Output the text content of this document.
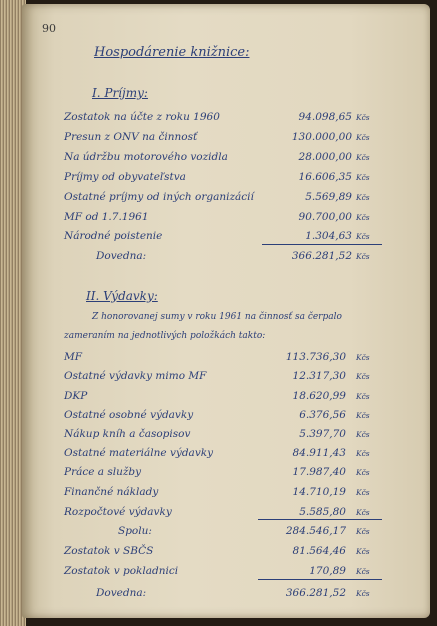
90
Hospodárenie knižnice:
I. Príjmy:
Zostatok na účte z roku 1960	94.098,65 Kčs
Presun z ONV na činnosť	130.000,00 Kčs
Na údržbu motorového vozidla	28.000,00 Kčs
Príjmy od obyvateľstva	16.606,35 Kčs
Ostatné príjmy od iných organizácií	5.569,89 Kčs
MF od 1.7.1961	90.700,00 Kčs
Národné poistenie	1.304,63 Kčs
Dovedna:	366.281,52 Kčs
II. Výdavky:
Z honorovanej sumy v roku 1961 na činnosť sa čerpalo
zameraním na jednotlivých položkách takto:
MF	113.736,30 Kčs
Ostatné výdavky mimo MF	12.317,30 Kčs
DKP	18.620,99 Kčs
Ostatné osobné výdavky	6.376,56 Kčs
Nákup kníh a časopisov	5.397,70 Kčs
Ostatné materiálne výdavky	84.911,43 Kčs
Práce a služby	17.987,40 Kčs
Finančné náklady	14.710,19 Kčs
Rozpočtové výdavky	5.585,80 Kčs
Spolu:	284.546,17 Kčs
Zostatok v SBČS	81.564,46 Kčs
Zostatok v pokladnici	170,89 Kčs
Dovedna:	366.281,52 Kčs
